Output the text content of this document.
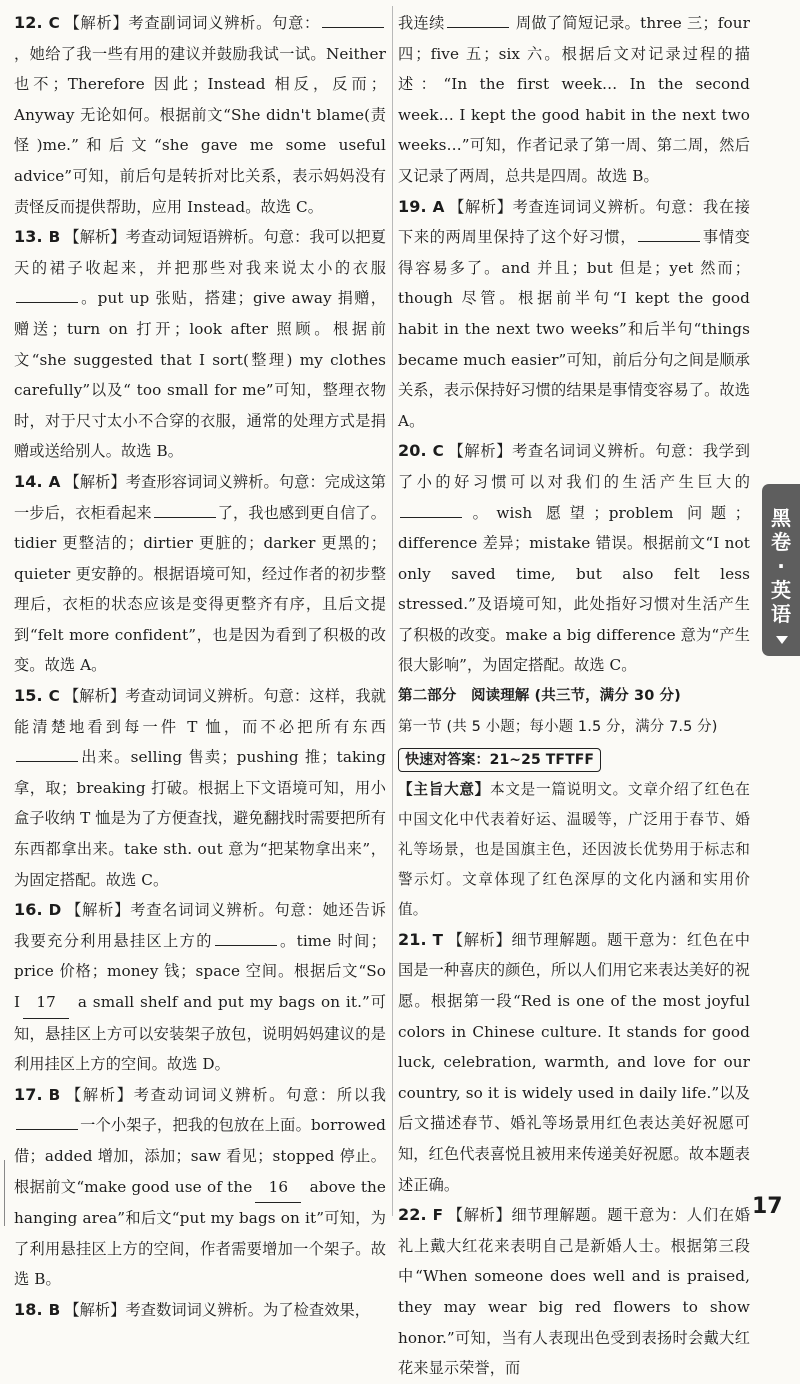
12. C 【解析】考查副词词义辨析。句意：，她给了我一些有用的建议并鼓励我试一试。Neither 也不；Therefore 因此；Instead 相反，反而；Anyway 无论如何。根据前文“She didn't blame(责怪)me.”和后文“she gave me some useful advice”可知，前后句是转折对比关系，表示妈妈没有责怪反而提供帮助，应用 Instead。故选 C。

13. B 【解析】考查动词短语辨析。句意：我可以把夏天的裙子收起来，并把那些对我来说太小的衣服。put up 张贴，搭建；give away 捐赠，赠送；turn on 打开；look after 照顾。根据前文“she suggested that I sort(整理) my clothes carefully”以及“ too small for me”可知，整理衣物时，对于尺寸太小不合穿的衣服，通常的处理方式是捐赠或送给别人。故选 B。

14. A 【解析】考查形容词词义辨析。句意：完成这第一步后，衣柜看起来	了，我也感到更自信了。tidier 更整洁的；dirtier 更脏的；darker 更黑的；quieter 更安静的。根据语境可知，经过作者的初步整理后，衣柜的状态应该是变得更整齐有序，且后文提到“felt more confident”，也是因为看到了积极的改变。故选 A。

15. C 【解析】考查动词词义辨析。句意：这样，我就能清楚地看到每一件 T 恤，而不必把所有东西出来。selling 售卖；pushing 推；taking 拿，取；breaking 打破。根据上下文语境可知，用小盒子收纳 T 恤是为了方便查找，避免翻找时需要把所有东西都拿出来。take sth. out 意为“把某物拿出来”，为固定搭配。故选 C。

16. D 【解析】考查名词词义辨析。句意：她还告诉我要充分利用悬挂区上方的	。time 时间；price 价格；money 钱；space 空间。根据后文“So I 17 a small shelf and put my bags on it.”可知，悬挂区上方可以安装架子放包，说明妈妈建议的是利用挂区上方的空间。故选 D。

17. B 【解析】考查动词词义辨析。句意：所以我一个小架子，把我的包放在上面。borrowed 借；added 增加，添加；saw 看见；stopped 停止。根据前文“make good use of the 16 above the hanging area”和后文“put my bags on it”可知，为了利用悬挂区上方的空间，作者需要增加一个架子。故选 B。

18. B 【解析】考查数词词义辨析。为了检查效果，

我连续	周做了简短记录。three 三；four 四；five 五；six 六。根据后文对记录过程的描述：“In the first week… In the second week… I kept the good habit in the next two weeks…”可知，作者记录了第一周、第二周，然后又记录了两周，总共是四周。故选 B。

19. A 【解析】考查连词词义辨析。句意：我在接下来的两周里保持了这个好习惯，	事情变得容易多了。and 并且；but 但是；yet 然而；though 尽管。根据前半句“I kept the good habit in the next two weeks”和后半句“things became much easier”可知，前后分句之间是顺承关系，表示保持好习惯的结果是事情变容易了。故选 A。

20. C 【解析】考查名词词义辨析。句意：我学到了小的好习惯可以对我们的生活产生巨大的。wish 愿望；problem 问题；difference 差异；mistake 错误。根据前文“I not only saved time, but also felt less stressed.”及语境可知，此处指好习惯对生活产生了积极的改变。make a big difference 意为“产生很大影响”，为固定搭配。故选 C。

第二部分　阅读理解 (共三节，满分 30 分)

第一节 (共 5 小题；每小题 1.5 分，满分 7.5 分)

快速对答案：21~25 TFTFF

【主旨大意】本文是一篇说明文。文章介绍了红色在中国文化中代表着好运、温暖等，广泛用于春节、婚礼等场景，也是国旗主色，还因波长优势用于标志和警示灯。文章体现了红色深厚的文化内涵和实用价值。

21. T 【解析】细节理解题。题干意为：红色在中国是一种喜庆的颜色，所以人们用它来表达美好的祝愿。根据第一段“Red is one of the most joyful colors in Chinese culture. It stands for good luck, celebration, warmth, and love for our country, so it is widely used in daily life.”以及后文描述春节、婚礼等场景用红色表达美好祝愿可知，红色代表喜悦且被用来传递美好祝愿。故本题表述正确。

22. F 【解析】细节理解题。题干意为：人们在婚礼上戴大红花来表明自己是新婚人士。根据第三段中“When someone does well and is praised, they may wear big red flowers to show honor.”可知，当有人表现出色受到表扬时会戴大红花来显示荣誉，而

黑卷
·
英语
17
